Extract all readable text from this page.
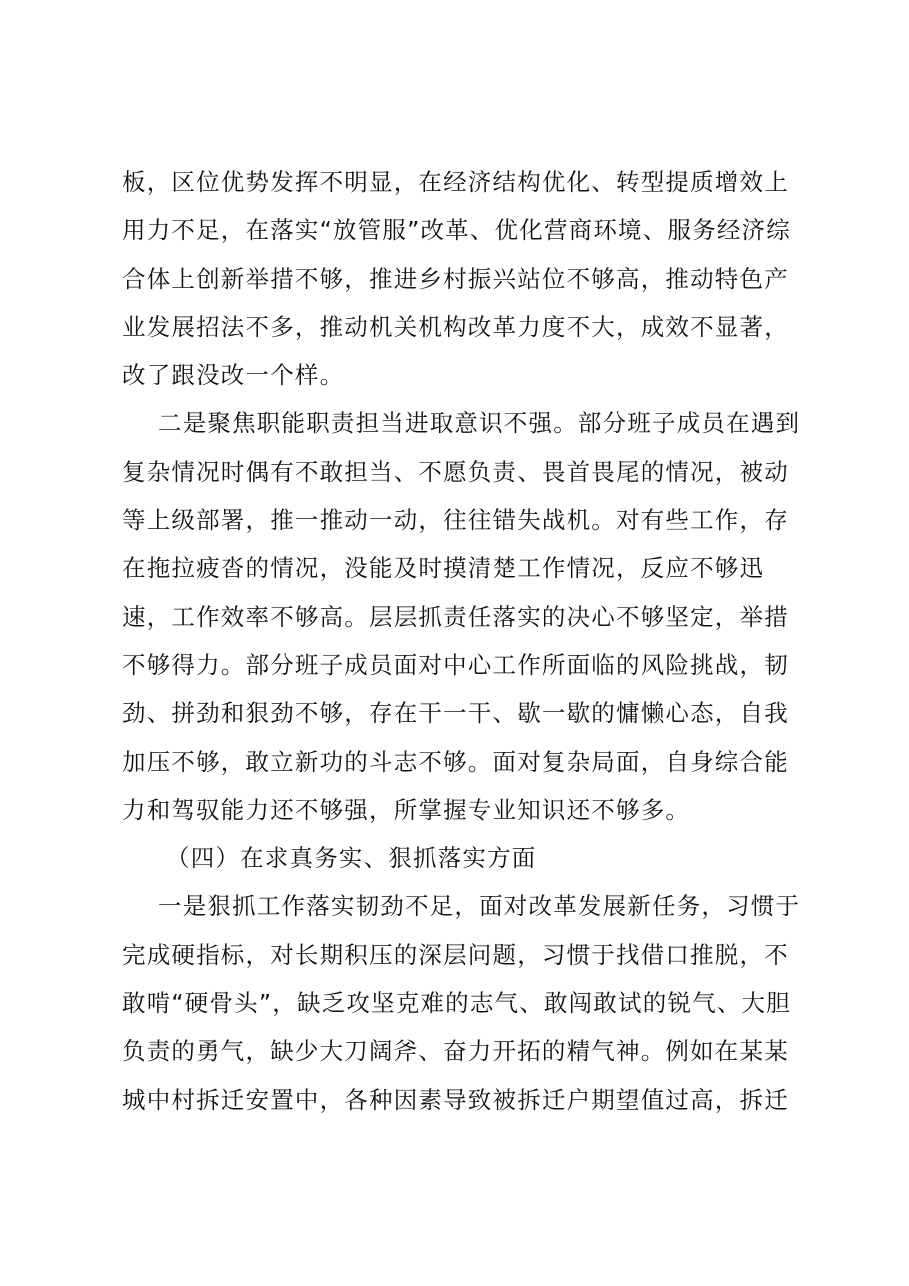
板，区位优势发挥不明显，在经济结构优化、转型提质增效上
用力不足，在落实“放管服”改革、优化营商环境、服务经济综
合体上创新举措不够，推进乡村振兴站位不够高，推动特色产
业发展招法不多，推动机关机构改革力度不大，成效不显著，
改了跟没改一个样。
二是聚焦职能职责担当进取意识不强。部分班子成员在遇到
复杂情况时偶有不敢担当、不愿负责、畏首畏尾的情况，被动
等上级部署，推一推动一动，往往错失战机。对有些工作，存
在拖拉疲沓的情况，没能及时摸清楚工作情况，反应不够迅
速，工作效率不够高。层层抓责任落实的决心不够坚定，举措
不够得力。部分班子成员面对中心工作所面临的风险挑战，韧
劲、拼劲和狠劲不够，存在干一干、歇一歇的慵懒心态，自我
加压不够，敢立新功的斗志不够。面对复杂局面，自身综合能
力和驾驭能力还不够强，所掌握专业知识还不够多。
（四）在求真务实、狠抓落实方面
一是狠抓工作落实韧劲不足，面对改革发展新任务，习惯于
完成硬指标，对长期积压的深层问题，习惯于找借口推脱，不
敢啃“硬骨头”，缺乏攻坚克难的志气、敢闯敢试的锐气、大胆
负责的勇气，缺少大刀阔斧、奋力开拓的精气神。例如在某某
城中村拆迁安置中，各种因素导致被拆迁户期望值过高，拆迁
